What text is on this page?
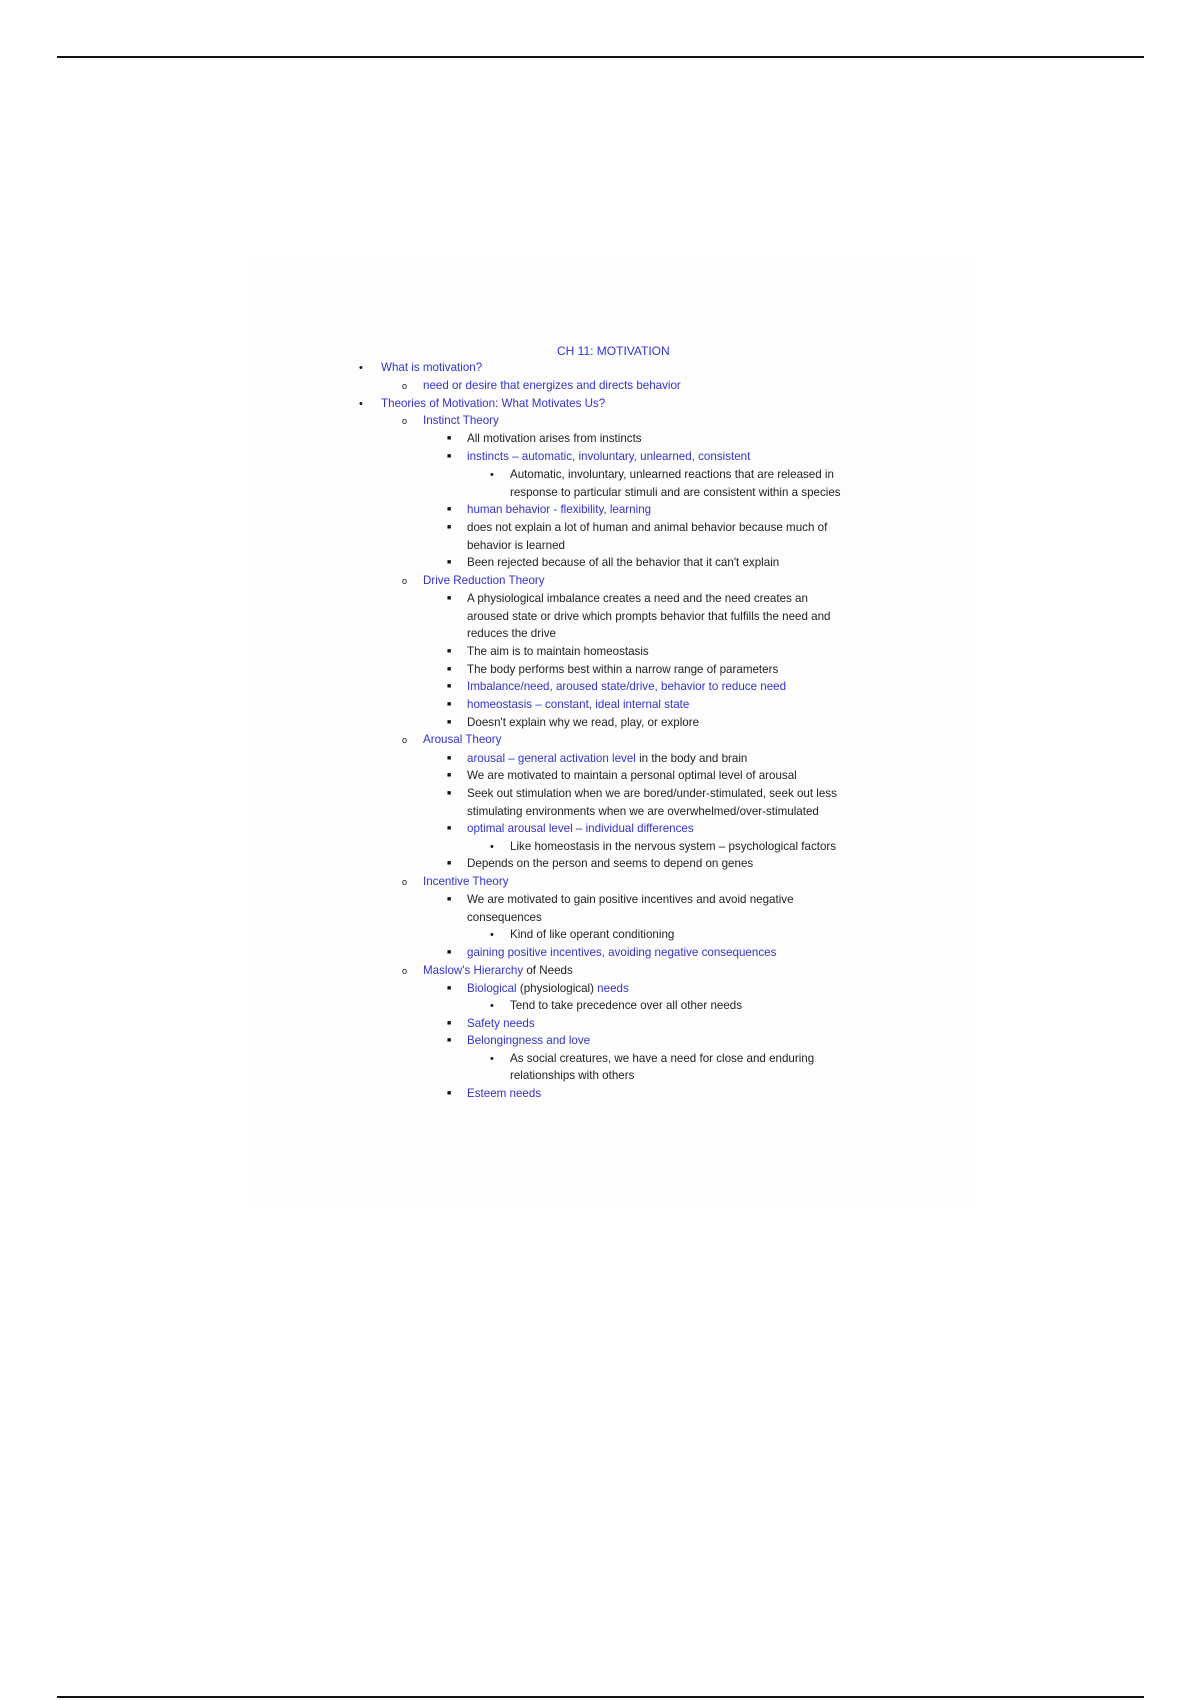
CH 11: MOTIVATION
• What is motivation?
o need or desire that energizes and directs behavior
• Theories of Motivation: What Motivates Us?
o Instinct Theory
■ All motivation arises from instincts
■ instincts – automatic, involuntary, unlearned, consistent
• Automatic, involuntary, unlearned reactions that are released in
response to particular stimuli and are consistent within a species
■ human behavior - flexibility, learning
■ does not explain a lot of human and animal behavior because much of
behavior is learned
■ Been rejected because of all the behavior that it can't explain
o Drive Reduction Theory
■ A physiological imbalance creates a need and the need creates an
aroused state or drive which prompts behavior that fulfills the need and
reduces the drive
■ The aim is to maintain homeostasis
■ The body performs best within a narrow range of parameters
■ Imbalance/need, aroused state/drive, behavior to reduce need
■ homeostasis – constant, ideal internal state
■ Doesn't explain why we read, play, or explore
o Arousal Theory
■ arousal – general activation level in the body and brain
■ We are motivated to maintain a personal optimal level of arousal
■ Seek out stimulation when we are bored/under-stimulated, seek out less
stimulating environments when we are overwhelmed/over-stimulated
■ optimal arousal level – individual differences
• Like homeostasis in the nervous system – psychological factors
■ Depends on the person and seems to depend on genes
o Incentive Theory
■ We are motivated to gain positive incentives and avoid negative
consequences
• Kind of like operant conditioning
■ gaining positive incentives, avoiding negative consequences
o Maslow's Hierarchy of Needs
■ Biological (physiological) needs
• Tend to take precedence over all other needs
■ Safety needs
■ Belongingness and love
• As social creatures, we have a need for close and enduring
relationships with others
■ Esteem needs
